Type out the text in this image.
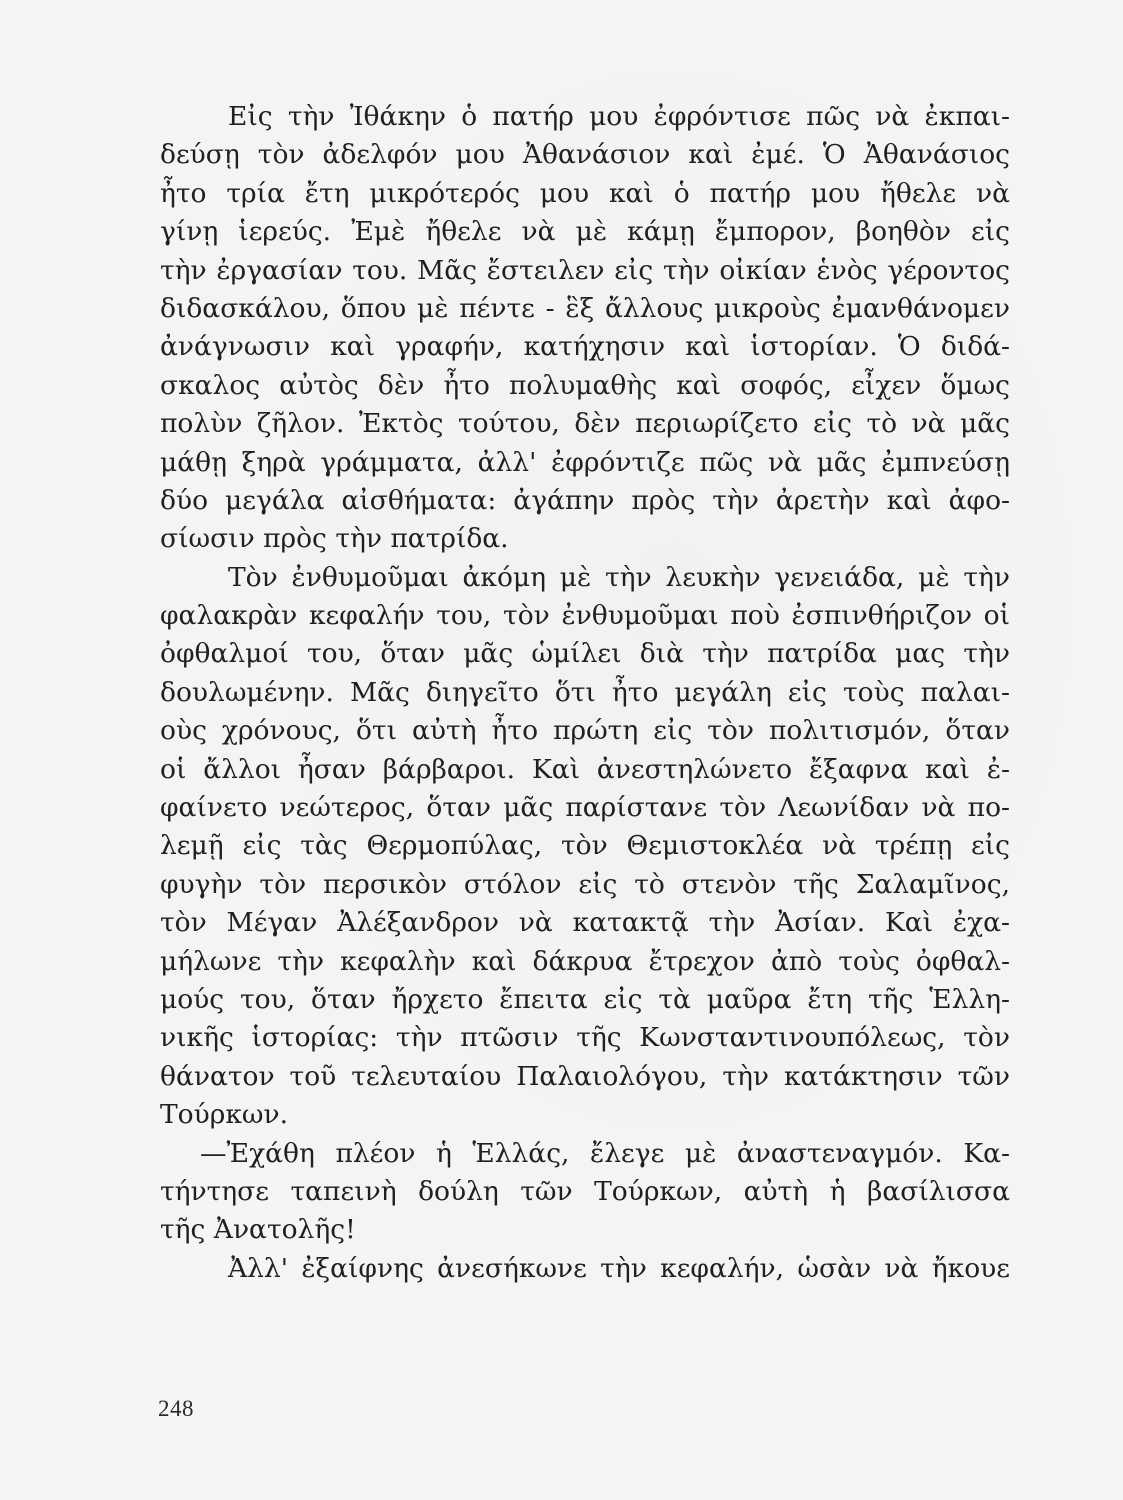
Εἰς τὴν Ἰθάκην ὁ πατήρ μου ἐφρόντισε πῶς νὰ ἐκπαι-
δεύσῃ τὸν ἀδελφόν μου Ἀθανάσιον καὶ ἐμέ. Ὁ Ἀθανάσιος
ἦτο τρία ἔτη μικρότερός μου καὶ ὁ πατήρ μου ἤθελε νὰ
γίνῃ ἱερεύς. Ἐμὲ ἤθελε νὰ μὲ κάμῃ ἔμπορον, βοηθὸν εἰς
τὴν ἐργασίαν του. Μᾶς ἔστειλεν εἰς τὴν οἰκίαν ἑνὸς γέροντος
διδασκάλου, ὅπου μὲ πέντε - ἓξ ἄλλους μικροὺς ἐμανθάνομεν
ἀνάγνωσιν καὶ γραφήν, κατήχησιν καὶ ἱστορίαν. Ὁ διδά-
σκαλος αὐτὸς δὲν ἦτο πολυμαθὴς καὶ σοφός, εἶχεν ὅμως
πολὺν ζῆλον. Ἐκτὸς τούτου, δὲν περιωρίζετο εἰς τὸ νὰ μᾶς
μάθῃ ξηρὰ γράμματα, ἀλλ' ἐφρόντιζε πῶς νὰ μᾶς ἐμπνεύσῃ
δύο μεγάλα αἰσθήματα: ἀγάπην πρὸς τὴν ἀρετὴν καὶ ἀφο-
σίωσιν πρὸς τὴν πατρίδα.
Τὸν ἐνθυμοῦμαι ἀκόμη μὲ τὴν λευκὴν γενειάδα, μὲ τὴν
φαλακρὰν κεφαλήν του, τὸν ἐνθυμοῦμαι ποὺ ἐσπινθήριζον οἱ
ὀφθαλμοί του, ὅταν μᾶς ὡμίλει διὰ τὴν πατρίδα μας τὴν
δουλωμένην. Μᾶς διηγεῖτο ὅτι ἦτο μεγάλη εἰς τοὺς παλαι-
οὺς χρόνους, ὅτι αὐτὴ ἦτο πρώτη εἰς τὸν πολιτισμόν, ὅταν
οἱ ἄλλοι ἦσαν βάρβαροι. Καὶ ἀνεστηλώνετο ἔξαφνα καὶ ἐ-
φαίνετο νεώτερος, ὅταν μᾶς παρίστανε τὸν Λεωνίδαν νὰ πο-
λεμῇ εἰς τὰς Θερμοπύλας, τὸν Θεμιστοκλέα νὰ τρέπῃ εἰς
φυγὴν τὸν περσικὸν στόλον εἰς τὸ στενὸν τῆς Σαλαμῖνος,
τὸν Μέγαν Ἀλέξανδρον νὰ κατακτᾷ τὴν Ἀσίαν. Καὶ ἐχα-
μήλωνε τὴν κεφαλὴν καὶ δάκρυα ἔτρεχον ἀπὸ τοὺς ὀφθαλ-
μούς του, ὅταν ἤρχετο ἔπειτα εἰς τὰ μαῦρα ἔτη τῆς Ἑλλη-
νικῆς ἱστορίας: τὴν πτῶσιν τῆς Κωνσταντινουπόλεως, τὸν
θάνατον τοῦ τελευταίου Παλαιολόγου, τὴν κατάκτησιν τῶν
Τούρκων.
—Ἐχάθη πλέον ἡ Ἑλλάς, ἔλεγε μὲ ἀναστεναγμόν. Κα-
τήντησε ταπεινὴ δούλη τῶν Τούρκων, αὐτὴ ἡ βασίλισσα
τῆς Ἀνατολῆς!
Ἀλλ' ἐξαίφνης ἀνεσήκωνε τὴν κεφαλήν, ὡσὰν νὰ ἤκουε
248
